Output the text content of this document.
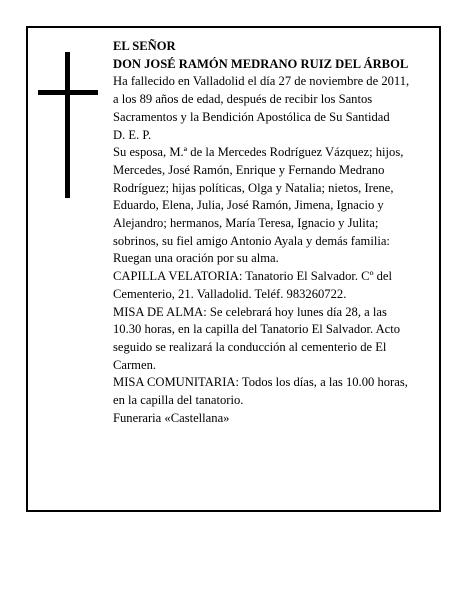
EL SEÑOR

DON JOSÉ RAMÓN MEDRANO RUIZ DEL ÁRBOL

Ha fallecido en Valladolid el día 27 de noviembre de 2011, a los 89 años de edad, después de recibir los Santos Sacramentos y la Bendición Apostólica de Su Santidad

D. E. P.

Su esposa, M.ª de la Mercedes Rodríguez Vázquez; hijos, Mercedes, José Ramón, Enrique y Fernando Medrano Rodríguez; hijas políticas, Olga y Natalia; nietos, Irene, Eduardo, Elena, Julia, José Ramón, Jimena, Ignacio y Alejandro; hermanos, María Teresa, Ignacio y Julita; sobrinos, su fiel amigo Antonio Ayala y demás familia:

Ruegan una oración por su alma.

CAPILLA VELATORIA: Tanatorio El Salvador. Cº del Cementerio, 21. Valladolid. Teléf. 983260722.

MISA DE ALMA: Se celebrará hoy lunes día 28, a las 10.30 horas, en la capilla del Tanatorio El Salvador. Acto seguido se realizará la conducción al cementerio de El Carmen.

MISA COMUNITARIA: Todos los días, a las 10.00 horas, en la capilla del tanatorio.

Funeraria «Castellana»
